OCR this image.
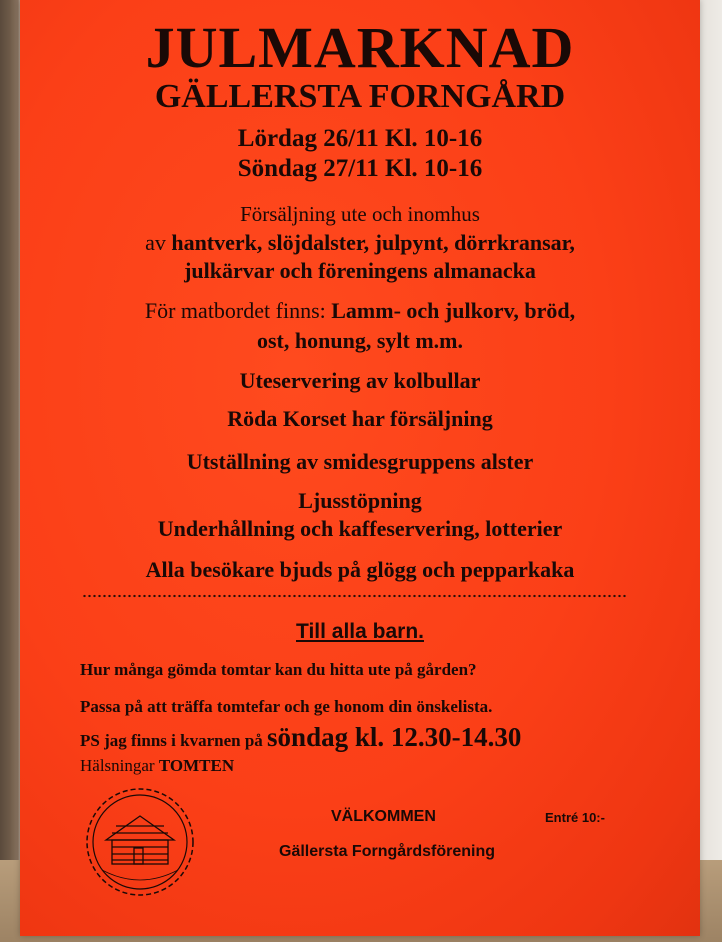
JULMARKNAD
GÄLLERSTA FORNGÅRD
Lördag 26/11 Kl. 10-16
Söndag 27/11 Kl. 10-16
Försäljning ute och inomhus
av hantverk, slöjdalster, julpynt, dörrkransar,
julkärvar och föreningens almanacka
För matbordet finns: Lamm- och julkorv, bröd,
ost, honung, sylt m.m.
Uteservering av kolbullar
Röda Korset har försäljning
Utställning av smidesgruppens alster
Ljusstöpning
Underhållning och kaffeservering, lotterier
Alla besökare bjuds på glögg och pepparkaka
Till alla barn.
Hur många gömda tomtar kan du hitta ute på gården?
Passa på att träffa tomtefar och ge honom din önskelista.
PS jag finns i kvarnen på söndag kl. 12.30-14.30
Hälsningar TOMTEN
VÄLKOMMEN	Entré 10:-
Gällersta Forngårdsförening
